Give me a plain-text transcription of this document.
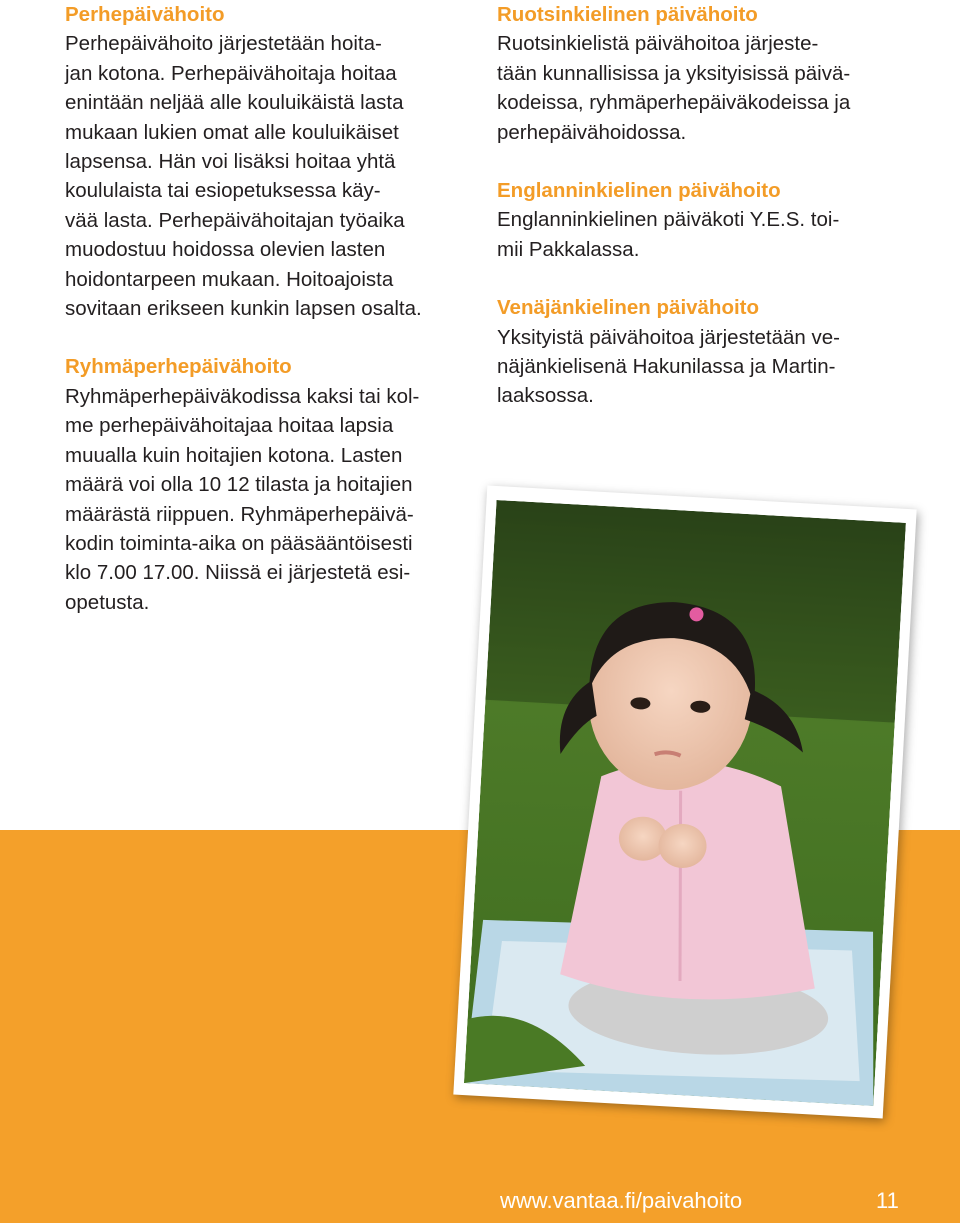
Perhepäivähoito

Perhepäivähoito järjestetään hoita-
jan kotona. Perhepäivähoitaja hoitaa
enintään neljää alle kouluikäistä lasta
mukaan lukien omat alle kouluikäiset
lapsensa. Hän voi lisäksi hoitaa yhtä
koululaista tai esiopetuksessa käy-
vää lasta. Perhepäivähoitajan työaika
muodostuu hoidossa olevien lasten
hoidontarpeen mukaan. Hoitoajoista
sovitaan erikseen kunkin lapsen osalta.

Ryhmäperhepäivähoito

Ryhmäperhepäiväkodissa kaksi tai kol-
me perhepäivähoitajaa hoitaa lapsia
muualla kuin hoitajien kotona. Lasten
määrä voi olla 10 12 tilasta ja hoitajien
määrästä riippuen. Ryhmäperhepäivä-
kodin toiminta-aika on pääsääntöisesti
klo 7.00 17.00. Niissä ei järjestetä esi-
opetusta.

Ruotsinkielinen päivähoito

Ruotsinkielistä päivähoitoa järjeste-
tään kunnallisissa ja yksityisissä päivä-
kodeissa, ryhmäperhepäiväkodeissa ja
perhepäivähoidossa.

Englanninkielinen päivähoito

Englanninkielinen päiväkoti Y.E.S. toi-
mii Pakkalassa.

Venäjänkielinen päivähoito

Yksityistä päivähoitoa järjestetään ve-
näjänkielisenä Hakunilassa ja Martin-
laaksossa.

www.vantaa.fi/paivahoito	11
